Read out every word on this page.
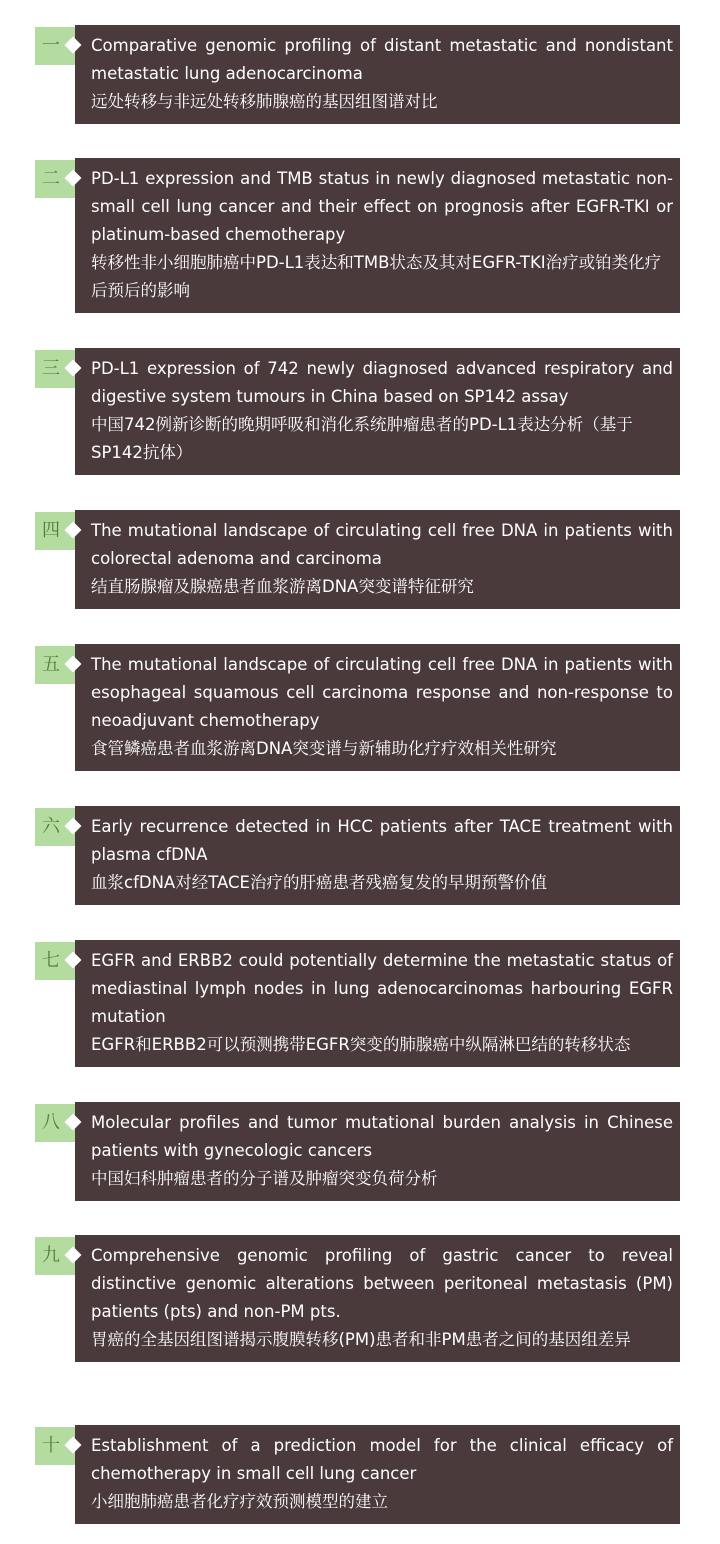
Comparative genomic profiling of distant metastatic and nondistant metastatic lung adenocarcinoma
远处转移与非远处转移肺腺癌的基因组图谱对比
一
PD-L1 expression and TMB status in newly diagnosed metastatic non-small cell lung cancer and their effect on prognosis after EGFR-TKI or platinum-based chemotherapy
转移性非小细胞肺癌中PD-L1表达和TMB状态及其对EGFR-TKI治疗或铂类化疗后预后的影响
二
PD-L1 expression of 742 newly diagnosed advanced respiratory and digestive system tumours in China based on SP142 assay
中国742例新诊断的晚期呼吸和消化系统肿瘤患者的PD-L1表达分析（基于SP142抗体）
三
The mutational landscape of circulating cell free DNA in patients with colorectal adenoma and carcinoma
结直肠腺瘤及腺癌患者血浆游离DNA突变谱特征研究
四
The mutational landscape of circulating cell free DNA in patients with esophageal squamous cell carcinoma response and non-response to neoadjuvant chemotherapy
食管鳞癌患者血浆游离DNA突变谱与新辅助化疗疗效相关性研究
五
Early recurrence detected in HCC patients after TACE treatment with plasma cfDNA
血浆cfDNA对经TACE治疗的肝癌患者残癌复发的早期预警价值
六
EGFR and ERBB2 could potentially determine the metastatic status of mediastinal lymph nodes in lung adenocarcinomas harbouring EGFR mutation
EGFR和ERBB2可以预测携带EGFR突变的肺腺癌中纵隔淋巴结的转移状态
七
Molecular profiles and tumor mutational burden analysis in Chinese patients with gynecologic cancers
中国妇科肿瘤患者的分子谱及肿瘤突变负荷分析
八
Comprehensive genomic profiling of gastric cancer to reveal distinctive genomic alterations between peritoneal metastasis (PM) patients (pts) and non-PM pts.
胃癌的全基因组图谱揭示腹膜转移(PM)患者和非PM患者之间的基因组差异
九
Establishment of a prediction model for the clinical efficacy of chemotherapy in small cell lung cancer
小细胞肺癌患者化疗疗效预测模型的建立
十
